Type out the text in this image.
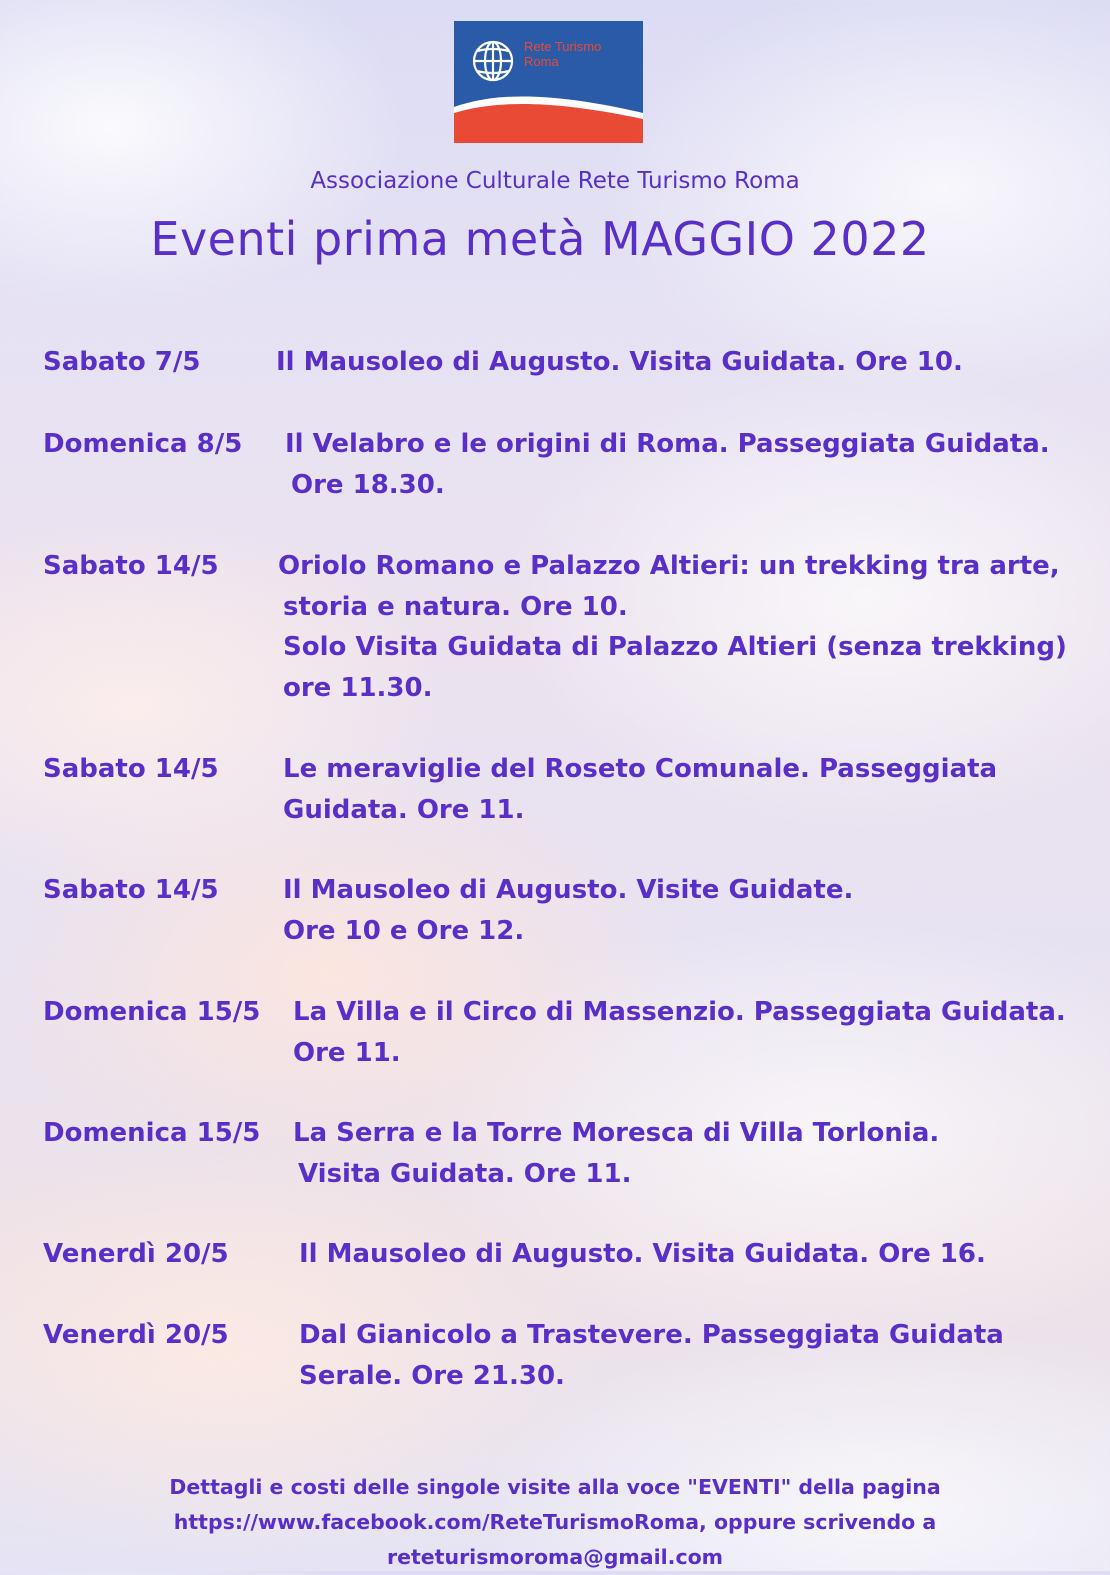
Rete Turismo
Roma
Associazione Culturale Rete Turismo Roma
Eventi prima metà MAGGIO 2022
Sabato 7/5	Il Mausoleo di Augusto. Visita Guidata. Ore 10.
Domenica 8/5 Il Velabro e le origini di Roma. Passeggiata Guidata.
Ore 18.30.
Sabato 14/5 Oriolo Romano e Palazzo Altieri: un trekking tra arte,
storia e natura. Ore 10.
Solo Visita Guidata di Palazzo Altieri (senza trekking)
ore 11.30.
Sabato 14/5 Le meraviglie del Roseto Comunale. Passeggiata
Guidata. Ore 11.
Sabato 14/5 Il Mausoleo di Augusto. Visite Guidate.
Ore 10 e Ore 12.
Domenica 15/5 La Villa e il Circo di Massenzio. Passeggiata Guidata.
Ore 11.
Domenica 15/5 La Serra e la Torre Moresca di Villa Torlonia.
Visita Guidata. Ore 11.
Venerdì 20/5	Il Mausoleo di Augusto. Visita Guidata. Ore 16.
Venerdì 20/5	Dal Gianicolo a Trastevere. Passeggiata Guidata
Serale. Ore 21.30.
Dettagli e costi delle singole visite alla voce "EVENTI" della pagina
https://www.facebook.com/ReteTurismoRoma, oppure scrivendo a
reteturismoroma@gmail.com
